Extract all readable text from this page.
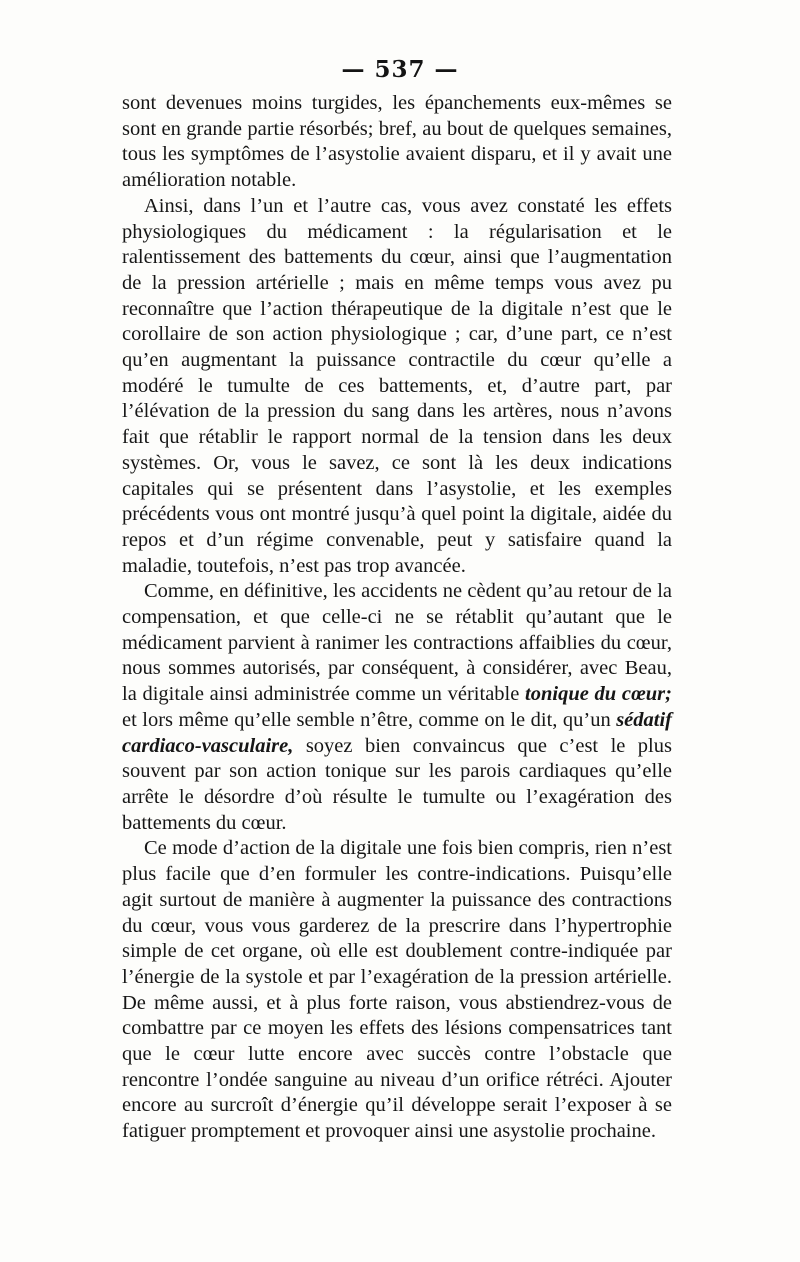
— 537 —

sont devenues moins turgides, les épanchements eux-mêmes se sont en grande partie résorbés; bref, au bout de quelques semaines, tous les symptômes de l’asystolie avaient disparu, et il y avait une amélioration notable.

Ainsi, dans l’un et l’autre cas, vous avez constaté les effets physiologiques du médicament : la régularisation et le ralentissement des battements du cœur, ainsi que l’augmentation de la pression artérielle ; mais en même temps vous avez pu reconnaître que l’action thérapeutique de la digitale n’est que le corollaire de son action physiologique ; car, d’une part, ce n’est qu’en augmentant la puissance contractile du cœur qu’elle a modéré le tumulte de ces battements, et, d’autre part, par l’élévation de la pression du sang dans les artères, nous n’avons fait que rétablir le rapport normal de la tension dans les deux systèmes. Or, vous le savez, ce sont là les deux indications capitales qui se présentent dans l’asystolie, et les exemples précédents vous ont montré jusqu’à quel point la digitale, aidée du repos et d’un régime convenable, peut y satisfaire quand la maladie, toutefois, n’est pas trop avancée.

Comme, en définitive, les accidents ne cèdent qu’au retour de la compensation, et que celle-ci ne se rétablit qu’autant que le médicament parvient à ranimer les contractions affaiblies du cœur, nous sommes autorisés, par conséquent, à considérer, avec Beau, la digitale ainsi administrée comme un véritable tonique du cœur; et lors même qu’elle semble n’être, comme on le dit, qu’un sédatif cardiaco-vasculaire, soyez bien convaincus que c’est le plus souvent par son action tonique sur les parois cardiaques qu’elle arrête le désordre d’où résulte le tumulte ou l’exagération des battements du cœur.

Ce mode d’action de la digitale une fois bien compris, rien n’est plus facile que d’en formuler les contre-indications. Puisqu’elle agit surtout de manière à augmenter la puissance des contractions du cœur, vous vous garderez de la prescrire dans l’hypertrophie simple de cet organe, où elle est doublement contre-indiquée par l’énergie de la systole et par l’exagération de la pression artérielle. De même aussi, et à plus forte raison, vous abstiendrez-vous de combattre par ce moyen les effets des lésions compensatrices tant que le cœur lutte encore avec succès contre l’obstacle que rencontre l’ondée sanguine au niveau d’un orifice rétréci. Ajouter encore au surcroît d’énergie qu’il développe serait l’exposer à se fatiguer promptement et provoquer ainsi une asystolie prochaine.
